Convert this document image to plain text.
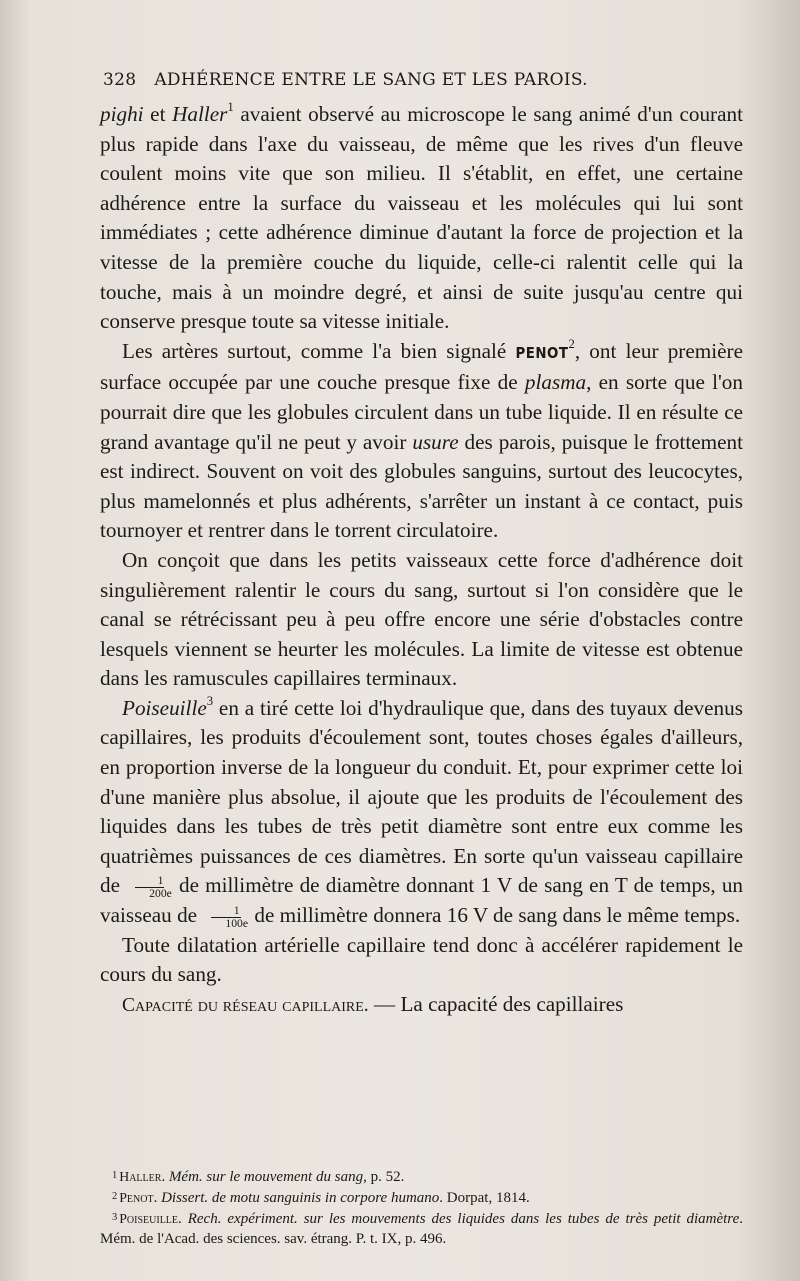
328 ADHÉRENCE ENTRE LE SANG ET LES PAROIS.

pighi et Haller$^1$ avaient observé au microscope le sang animé d'un courant plus rapide dans l'axe du vaisseau, de même que les rives d'un fleuve coulent moins vite que son milieu. Il s'établit, en effet, une certaine adhérence entre la surface du vaisseau et les molécules qui lui sont immédiates ; cette adhérence diminue d'autant la force de projection et la vitesse de la première couche du liquide, celle-ci ralentit celle qui la touche, mais à un moindre degré, et ainsi de suite jusqu'au centre qui conserve presque toute sa vitesse initiale.

Les artères surtout, comme l'a bien signalé PENOT$^2$, ont leur première surface occupée par une couche presque fixe de plasma, en sorte que l'on pourrait dire que les globules circulent dans un tube liquide. Il en résulte ce grand avantage qu'il ne peut y avoir usure des parois, puisque le frottement est indirect. Souvent on voit des globules sanguins, surtout des leucocytes, plus mamelonnés et plus adhérents, s'arrêter un instant à ce contact, puis tournoyer et rentrer dans le torrent circulatoire.

On conçoit que dans les petits vaisseaux cette force d'adhérence doit singulièrement ralentir le cours du sang, surtout si l'on considère que le canal se rétrécissant peu à peu offre encore une série d'obstacles contre lesquels viennent se heurter les molécules. La limite de vitesse est obtenue dans les ramuscules capillaires terminaux.

Poiseuille$^3$ en a tiré cette loi d'hydraulique que, dans des tuyaux devenus capillaires, les produits d'écoulement sont, toutes choses égales d'ailleurs, en proportion inverse de la longueur du conduit. Et, pour exprimer cette loi d'une manière plus absolue, il ajoute que les produits de l'écoulement des liquides dans les tubes de très petit diamètre sont entre eux comme les quatrièmes puissances de ces diamètres. En sorte qu'un vaisseau capillaire de $\frac{1}{200e}$ de millimètre de diamètre donnant 1 V de sang en T de temps, un vaisseau de $\frac{1}{100e}$ de millimètre donnera 16 V de sang dans le même temps.

Toute dilatation artérielle capillaire tend donc à accélérer rapidement le cours du sang.

Capacité du réseau capillaire. — La capacité des capillaires

$^1$ Haller. Mém. sur le mouvement du sang, p. 52.

$^2$ Penot. Dissert. de motu sanguinis in corpore humano. Dorpat, 1814.

$^3$ Poiseuille. Rech. expériment. sur les mouvements des liquides dans les tubes de très petit diamètre. Mém. de l'Acad. des sciences. sav. étrang. P. t. IX, p. 496.
